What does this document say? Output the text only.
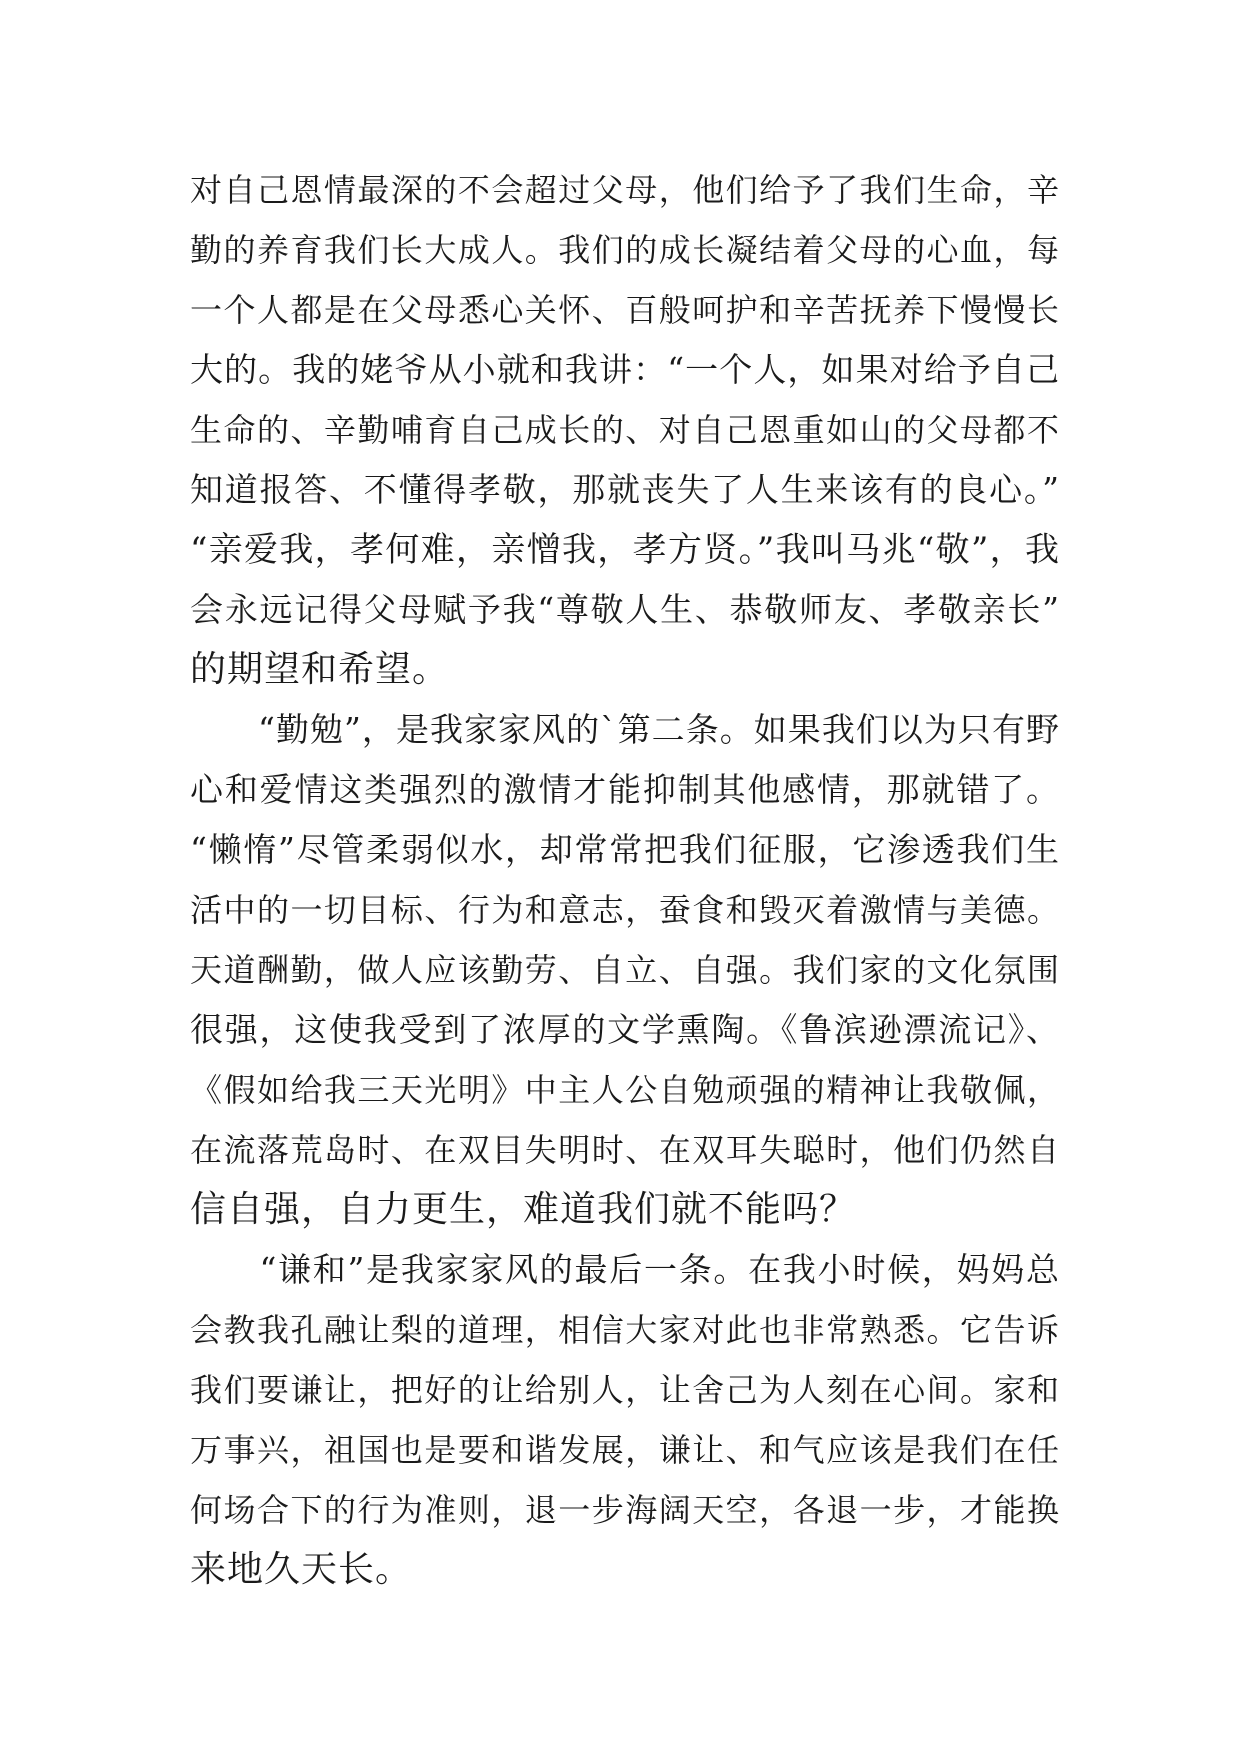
对自己恩情最深的不会超过父母，他们给予了我们生命，辛
勤的养育我们长大成人。我们的成长凝结着父母的心血，每
一个人都是在父母悉心关怀、百般呵护和辛苦抚养下慢慢长
大的。我的姥爷从小就和我讲：“一个人，如果对给予自己
生命的、辛勤哺育自己成长的、对自己恩重如山的父母都不
知道报答、不懂得孝敬，那就丧失了人生来该有的良心。”
“亲爱我，孝何难，亲憎我，孝方贤。”我叫马兆“敬”，我
会永远记得父母赋予我“尊敬人生、恭敬师友、孝敬亲长”
的期望和希望。
　　“勤勉”，是我家家风的`第二条。如果我们以为只有野
心和爱情这类强烈的激情才能抑制其他感情，那就错了。
“懒惰”尽管柔弱似水，却常常把我们征服，它渗透我们生
活中的一切目标、行为和意志，蚕食和毁灭着激情与美德。
天道酬勤，做人应该勤劳、自立、自强。我们家的文化氛围
很强，这使我受到了浓厚的文学熏陶。《鲁滨逊漂流记》、
《假如给我三天光明》中主人公自勉顽强的精神让我敬佩，
在流落荒岛时、在双目失明时、在双耳失聪时，他们仍然自
信自强，自力更生，难道我们就不能吗？
　　“谦和”是我家家风的最后一条。在我小时候，妈妈总
会教我孔融让梨的道理，相信大家对此也非常熟悉。它告诉
我们要谦让，把好的让给别人，让舍己为人刻在心间。家和
万事兴，祖国也是要和谐发展，谦让、和气应该是我们在任
何场合下的行为准则，退一步海阔天空，各退一步，才能换
来地久天长。
